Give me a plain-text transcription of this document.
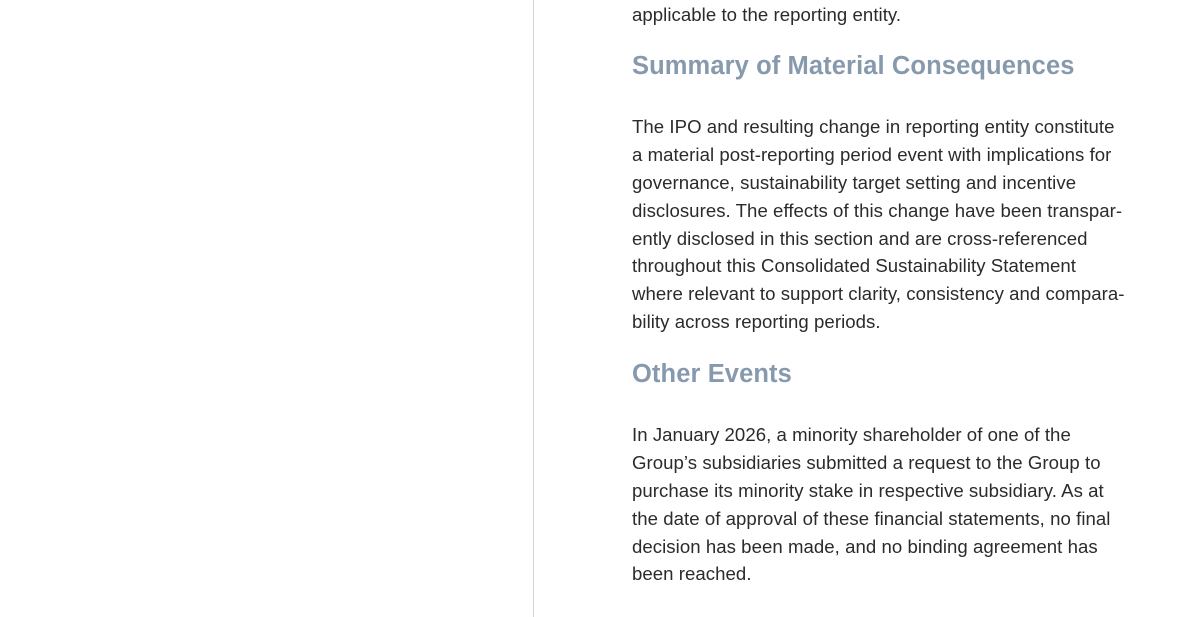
applicable to the reporting entity.
Summary of Material Consequences
The IPO and resulting change in reporting entity constitute
a material post-reporting period event with implications for
governance, sustainability target setting and incentive
disclosures. The effects of this change have been transpar-
ently disclosed in this section and are cross-referenced
throughout this Consolidated Sustainability Statement
where relevant to support clarity, consistency and compara-
bility across reporting periods.
Other Events
In January 2026, a minority shareholder of one of the
Group’s subsidiaries submitted a request to the Group to
purchase its minority stake in respective subsidiary. As at
the date of approval of these financial statements, no final
decision has been made, and no binding agreement has
been reached.
